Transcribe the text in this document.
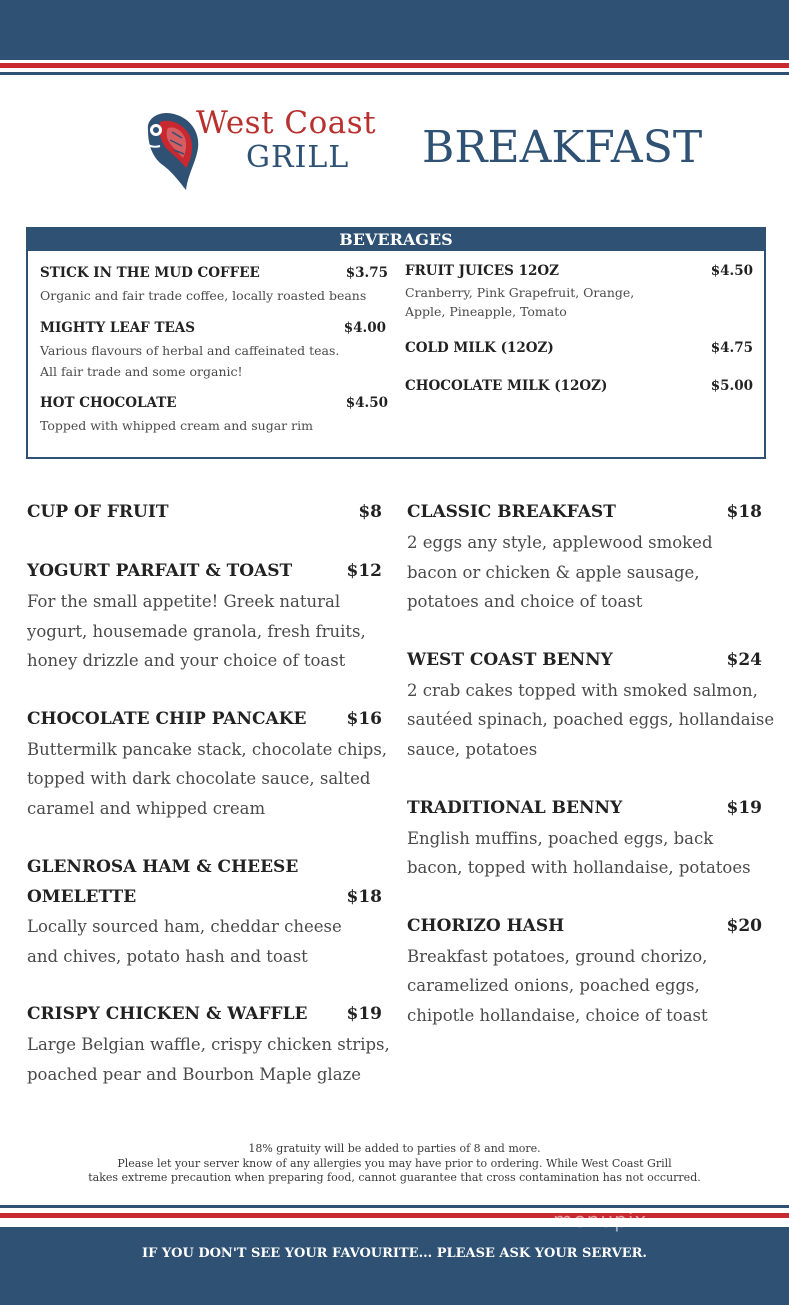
West Coast
GRILL BREAKFAST
BEVERAGES
STICK IN THE MUD COFFEE	$3.75
Organic and fair trade coffee, locally roasted beans
MIGHTY LEAF TEAS	$4.00
Various flavours of herbal and caffeinated teas.
All fair trade and some organic!
HOT CHOCOLATE	$4.50
Topped with whipped cream and sugar rim
FRUIT JUICES 12OZ	$4.50
Cranberry, Pink Grapefruit, Orange,
Apple, Pineapple, Tomato
COLD MILK (12OZ)	$4.75
CHOCOLATE MILK (12OZ)	$5.00
CUP OF FRUIT	$8
YOGURT PARFAIT & TOAST	$12
For the small appetite! Greek natural
yogurt, housemade granola, fresh fruits,
honey drizzle and your choice of toast
CHOCOLATE CHIP PANCAKE	$16
Buttermilk pancake stack, chocolate chips,
topped with dark chocolate sauce, salted
caramel and whipped cream
GLENROSA HAM & CHEESE
OMELETTE	$18
Locally sourced ham, cheddar cheese
and chives, potato hash and toast
CRISPY CHICKEN & WAFFLE	$19
Large Belgian waffle, crispy chicken strips,
poached pear and Bourbon Maple glaze
CLASSIC BREAKFAST	$18
2 eggs any style, applewood smoked
bacon or chicken & apple sausage,
potatoes and choice of toast
WEST COAST BENNY	$24
2 crab cakes topped with smoked salmon,
sautéed spinach, poached eggs, hollandaise
sauce, potatoes
TRADITIONAL BENNY	$19
English muffins, poached eggs, back
bacon, topped with hollandaise, potatoes
CHORIZO HASH	$20
Breakfast potatoes, ground chorizo,
caramelized onions, poached eggs,
chipotle hollandaise, choice of toast
18% gratuity will be added to parties of 8 and more.
Please let your server know of any allergies you may have prior to ordering. While West Coast Grill
takes extreme precaution when preparing food, cannot guarantee that cross contamination has not occurred.
menupix
IF YOU DON'T SEE YOUR FAVOURITE... PLEASE ASK YOUR SERVER.
